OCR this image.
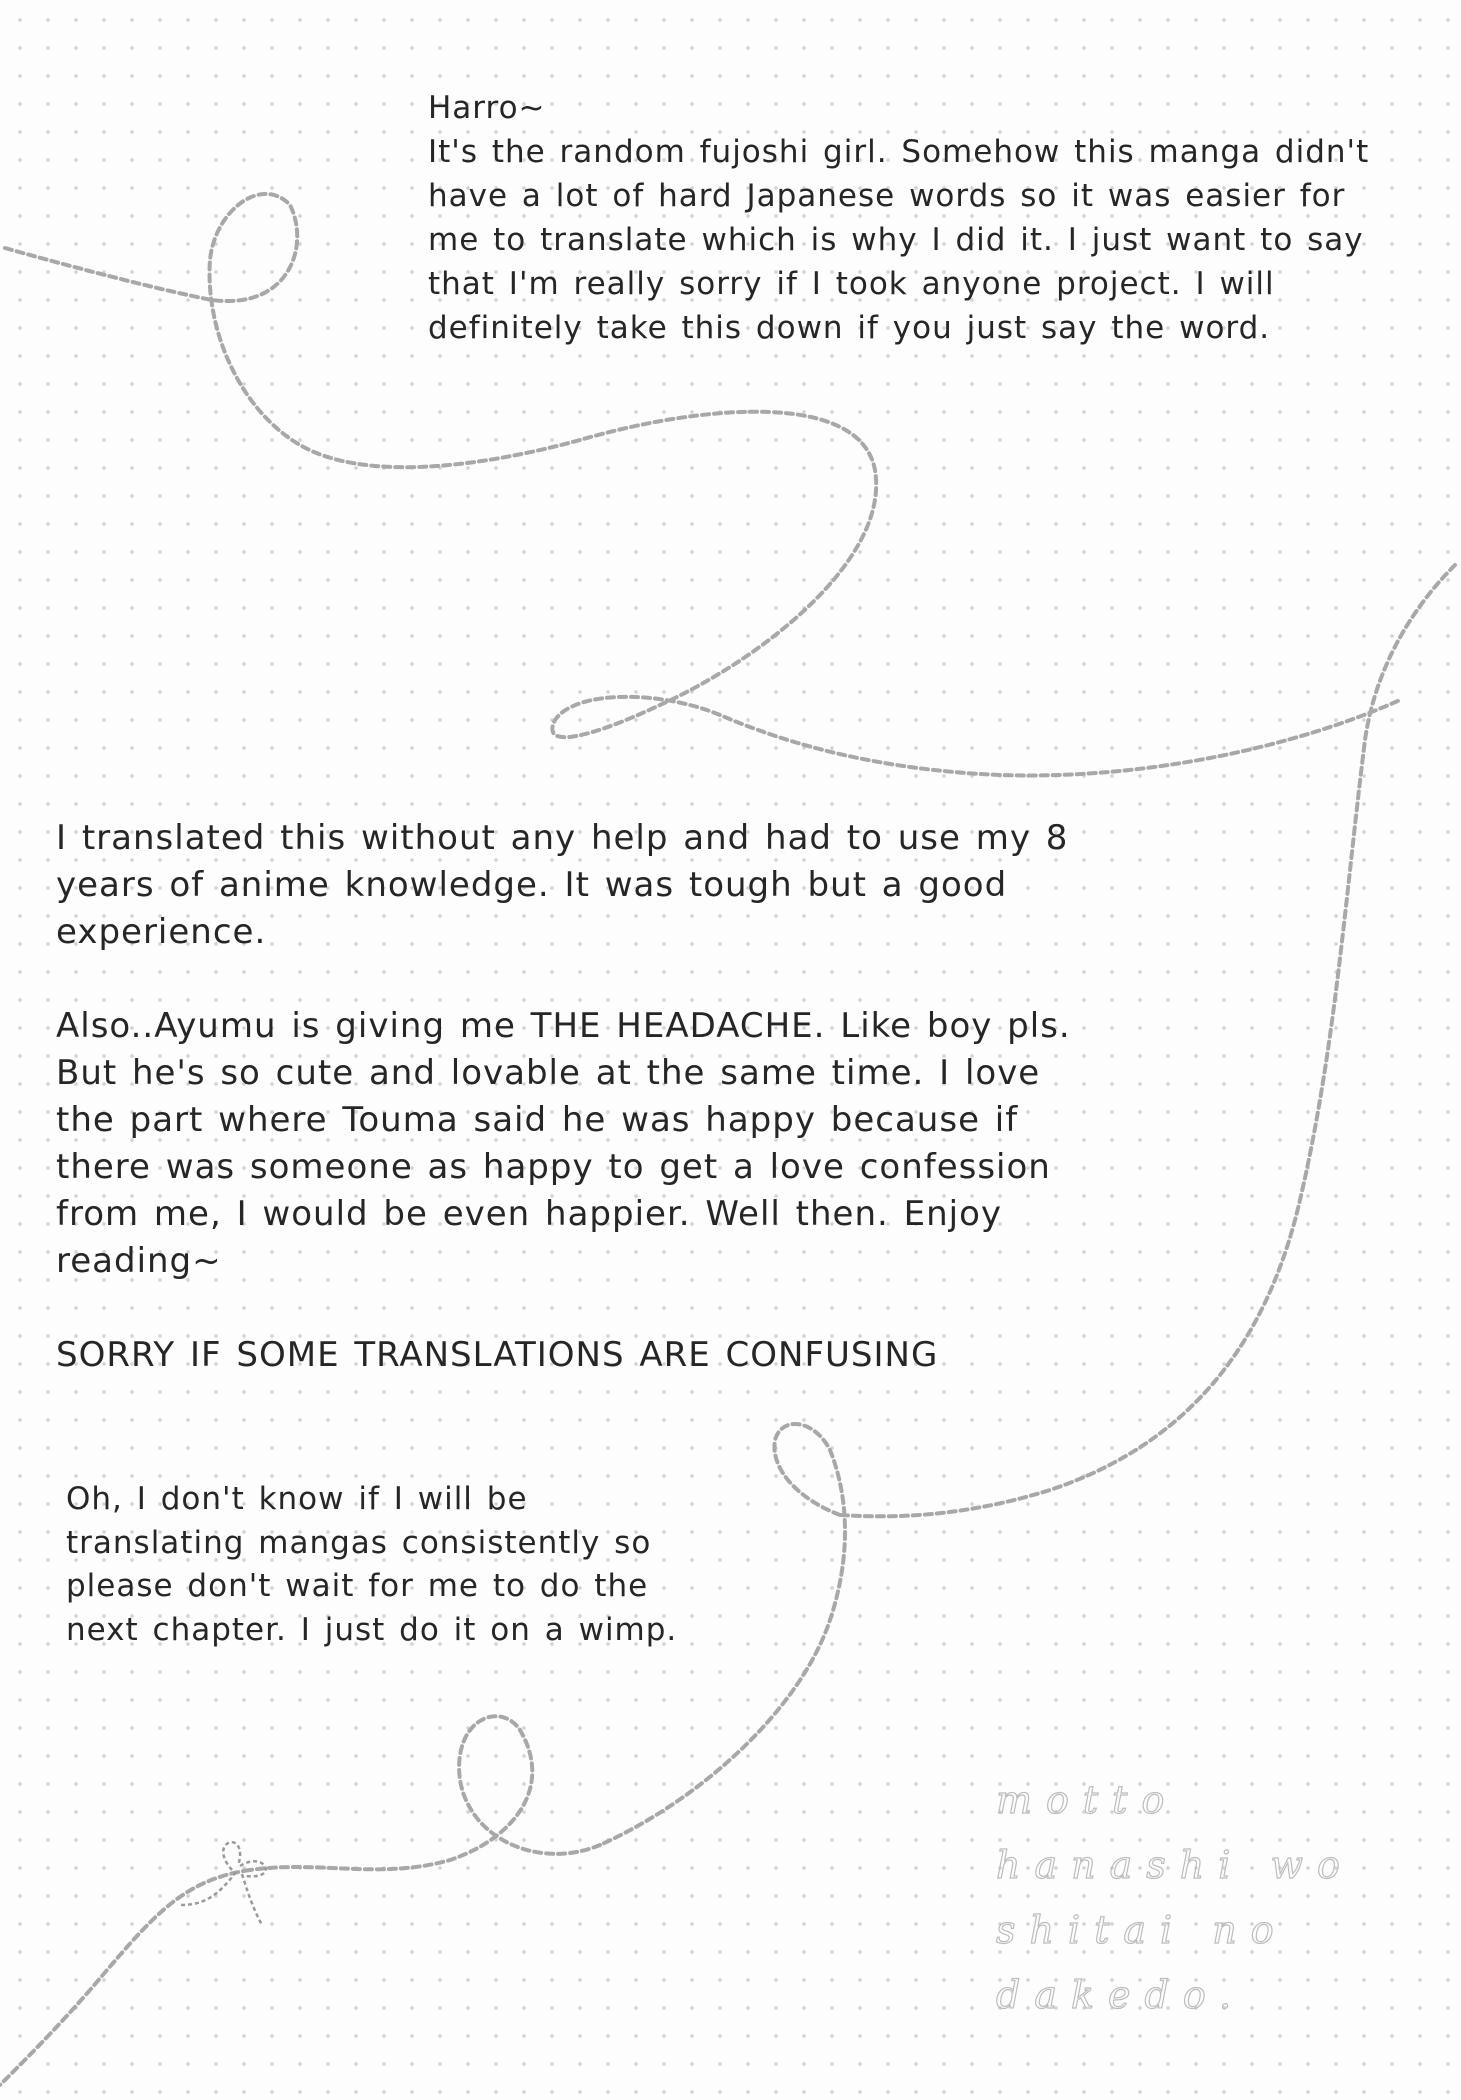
Harro~

It's the random fujoshi girl. Somehow this manga didn't

have a lot of hard Japanese words so it was easier for

me to translate which is why I did it. I just want to say

that I'm really sorry if I took anyone project. I will

definitely take this down if you just say the word.

I translated this without any help and had to use my 8

years of anime knowledge. It was tough but a good

experience.

Also..Ayumu is giving me THE HEADACHE. Like boy pls.

But he's so cute and lovable at the same time. I love

the part where Touma said he was happy because if

there was someone as happy to get a love confession

from me, I would be even happier. Well then. Enjoy

reading~

SORRY IF SOME TRANSLATIONS ARE CONFUSING

Oh, I don't know if I will be

translating mangas consistently so

please don't wait for me to do the

next chapter. I just do it on a wimp.

motto

hanashi wo

shitai no

dakedo.
